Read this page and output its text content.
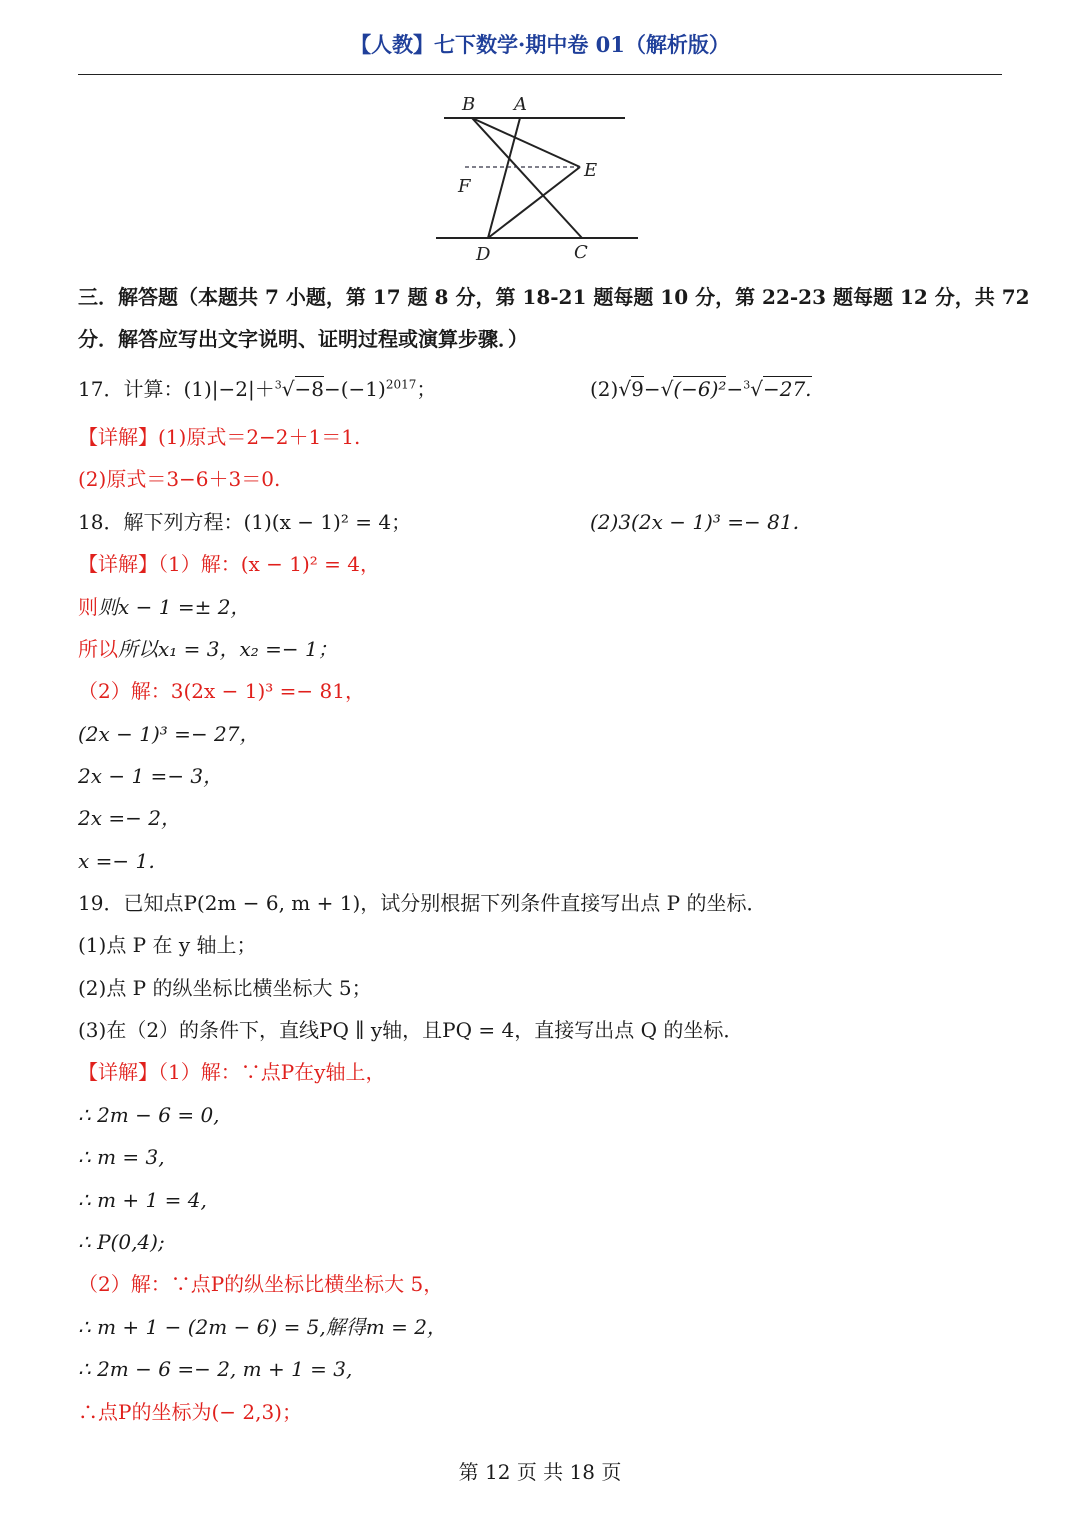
【人教】七下数学·期中卷 01（解析版）
B A
E
F
D	C
三．解答题（本题共 7 小题，第 17 题 8 分，第 18-21 题每题 10 分，第 22-23 题每题 12 分，共 72
分．解答应写出文字说明、证明过程或演算步骤．）
17．计算：$(1)|-2|+^3√-8-(-1)^{2017}$；	(2)√9−√(−6)²−$^3$√−27.
【详解】(1)原式＝2−2＋1＝1.
(2)原式＝3−6＋3＝0.
18．解下列方程：(1)(x − 1)² = 4；	(2)3(2x − 1)³ =− 81．
【详解】（1）解：(x − 1)² = 4，
则则x − 1 =± 2，
所以所以x₁ = 3，x₂ =− 1；
（2）解：3(2x − 1)³ =− 81，
(2x − 1)³ =− 27，
2x − 1 =− 3，
2x =− 2，
x =− 1．
19．已知点P(2m − 6, m + 1)，试分别根据下列条件直接写出点 P 的坐标．
(1)点 P 在 y 轴上；
(2)点 P 的纵坐标比横坐标大 5；
(3)在（2）的条件下，直线PQ ∥ y轴，且PQ = 4，直接写出点 Q 的坐标．
【详解】（1）解：∵点P在y轴上，
∴ 2m − 6 = 0,
∴ m = 3,
∴ m + 1 = 4,
∴ P(0,4);
（2）解：∵点P的纵坐标比横坐标大 5，
∴ m + 1 − (2m − 6) = 5,解得m = 2，
∴ 2m − 6 =− 2, m + 1 = 3,
∴点P的坐标为(− 2,3)；
第 12 页 共 18 页
